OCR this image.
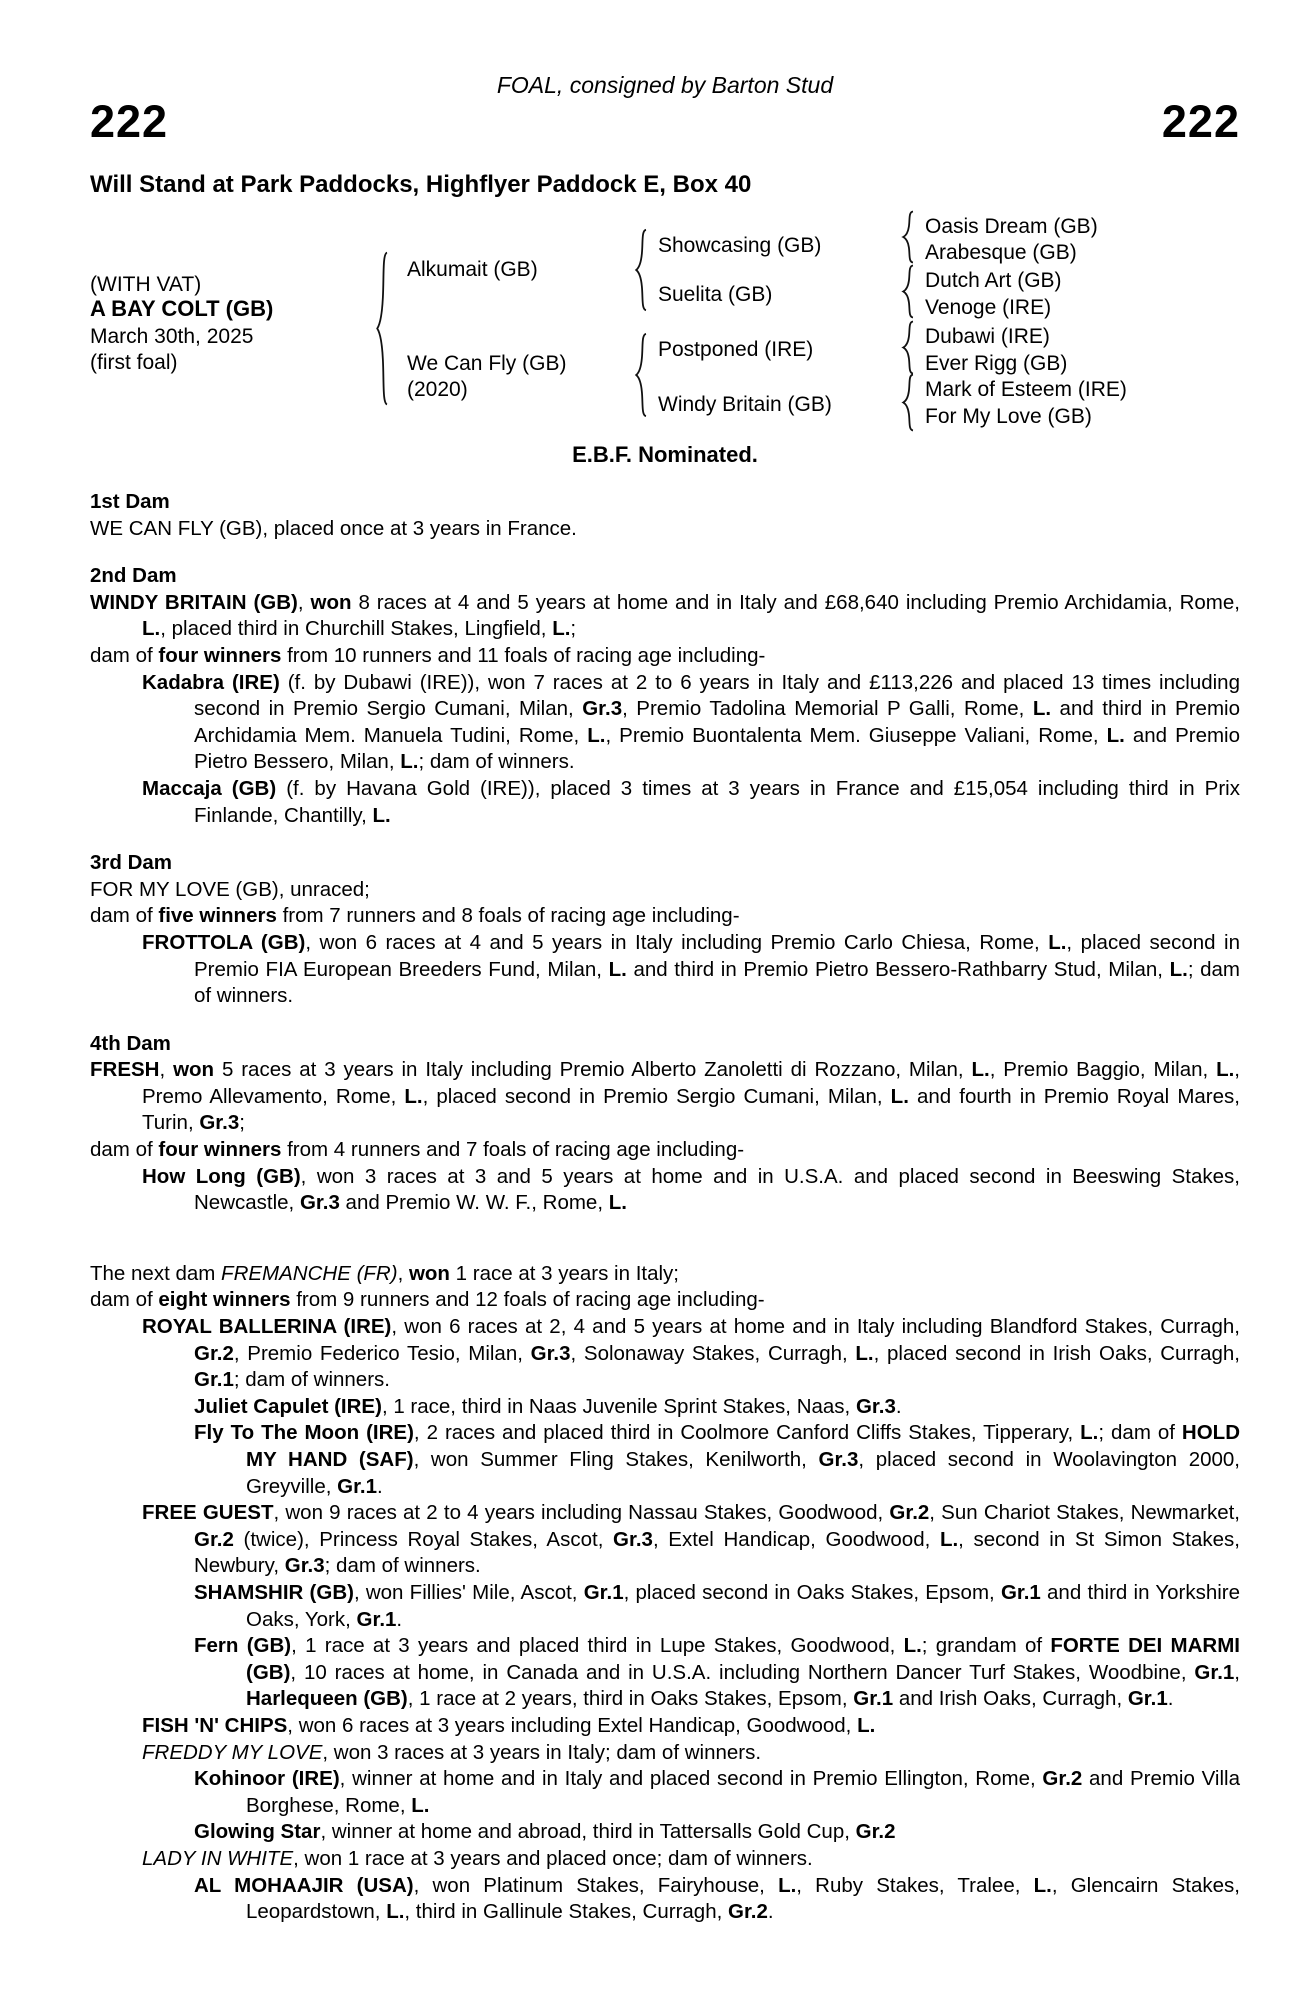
FOAL, consigned by Barton Stud
222	222
Will Stand at Park Paddocks, Highflyer Paddock E, Box 40
(WITH VAT)
A BAY COLT (GB)
March 30th, 2025
(first foal)
Alkumait (GB)
We Can Fly (GB)
(2020)
Showcasing (GB)
Suelita (GB)
Postponed (IRE)
Windy Britain (GB)
Oasis Dream (GB)
Arabesque (GB)
Dutch Art (GB)
Venoge (IRE)
Dubawi (IRE)
Ever Rigg (GB)
Mark of Esteem (IRE)
For My Love (GB)
E.B.F. Nominated.
1st Dam

WE CAN FLY (GB), placed once at 3 years in France.

2nd Dam

WINDY BRITAIN (GB), won 8 races at 4 and 5 years at home and in Italy and £68,640 including Premio Archidamia, Rome, L., placed third in Churchill Stakes, Lingfield, L.;

dam of four winners from 10 runners and 11 foals of racing age including-

Kadabra (IRE) (f. by Dubawi (IRE)), won 7 races at 2 to 6 years in Italy and £113,226 and placed 13 times including second in Premio Sergio Cumani, Milan, Gr.3, Premio Tadolina Memorial P Galli, Rome, L. and third in Premio Archidamia Mem. Manuela Tudini, Rome, L., Premio Buontalenta Mem. Giuseppe Valiani, Rome, L. and Premio Pietro Bessero, Milan, L.; dam of winners.

Maccaja (GB) (f. by Havana Gold (IRE)), placed 3 times at 3 years in France and £15,054 including third in Prix Finlande, Chantilly, L.

3rd Dam

FOR MY LOVE (GB), unraced;

dam of five winners from 7 runners and 8 foals of racing age including-

FROTTOLA (GB), won 6 races at 4 and 5 years in Italy including Premio Carlo Chiesa, Rome, L., placed second in Premio FIA European Breeders Fund, Milan, L. and third in Premio Pietro Bessero-Rathbarry Stud, Milan, L.; dam of winners.

4th Dam

FRESH, won 5 races at 3 years in Italy including Premio Alberto Zanoletti di Rozzano, Milan, L., Premio Baggio, Milan, L., Premo Allevamento, Rome, L., placed second in Premio Sergio Cumani, Milan, L. and fourth in Premio Royal Mares, Turin, Gr.3;

dam of four winners from 4 runners and 7 foals of racing age including-

How Long (GB), won 3 races at 3 and 5 years at home and in U.S.A. and placed second in Beeswing Stakes, Newcastle, Gr.3 and Premio W. W. F., Rome, L.

The next dam FREMANCHE (FR), won 1 race at 3 years in Italy;

dam of eight winners from 9 runners and 12 foals of racing age including-

ROYAL BALLERINA (IRE), won 6 races at 2, 4 and 5 years at home and in Italy including Blandford Stakes, Curragh, Gr.2, Premio Federico Tesio, Milan, Gr.3, Solonaway Stakes, Curragh, L., placed second in Irish Oaks, Curragh, Gr.1; dam of winners.

Juliet Capulet (IRE), 1 race, third in Naas Juvenile Sprint Stakes, Naas, Gr.3.

Fly To The Moon (IRE), 2 races and placed third in Coolmore Canford Cliffs Stakes, Tipperary, L.; dam of HOLD MY HAND (SAF), won Summer Fling Stakes, Kenilworth, Gr.3, placed second in Woolavington 2000, Greyville, Gr.1.

FREE GUEST, won 9 races at 2 to 4 years including Nassau Stakes, Goodwood, Gr.2, Sun Chariot Stakes, Newmarket, Gr.2 (twice), Princess Royal Stakes, Ascot, Gr.3, Extel Handicap, Goodwood, L., second in St Simon Stakes, Newbury, Gr.3; dam of winners.

SHAMSHIR (GB), won Fillies' Mile, Ascot, Gr.1, placed second in Oaks Stakes, Epsom, Gr.1 and third in Yorkshire Oaks, York, Gr.1.

Fern (GB), 1 race at 3 years and placed third in Lupe Stakes, Goodwood, L.; grandam of FORTE DEI MARMI (GB), 10 races at home, in Canada and in U.S.A. including Northern Dancer Turf Stakes, Woodbine, Gr.1, Harlequeen (GB), 1 race at 2 years, third in Oaks Stakes, Epsom, Gr.1 and Irish Oaks, Curragh, Gr.1.

FISH 'N' CHIPS, won 6 races at 3 years including Extel Handicap, Goodwood, L.

FREDDY MY LOVE, won 3 races at 3 years in Italy; dam of winners.

Kohinoor (IRE), winner at home and in Italy and placed second in Premio Ellington, Rome, Gr.2 and Premio Villa Borghese, Rome, L.

Glowing Star, winner at home and abroad, third in Tattersalls Gold Cup, Gr.2

LADY IN WHITE, won 1 race at 3 years and placed once; dam of winners.

AL MOHAAJIR (USA), won Platinum Stakes, Fairyhouse, L., Ruby Stakes, Tralee, L., Glencairn Stakes, Leopardstown, L., third in Gallinule Stakes, Curragh, Gr.2.
